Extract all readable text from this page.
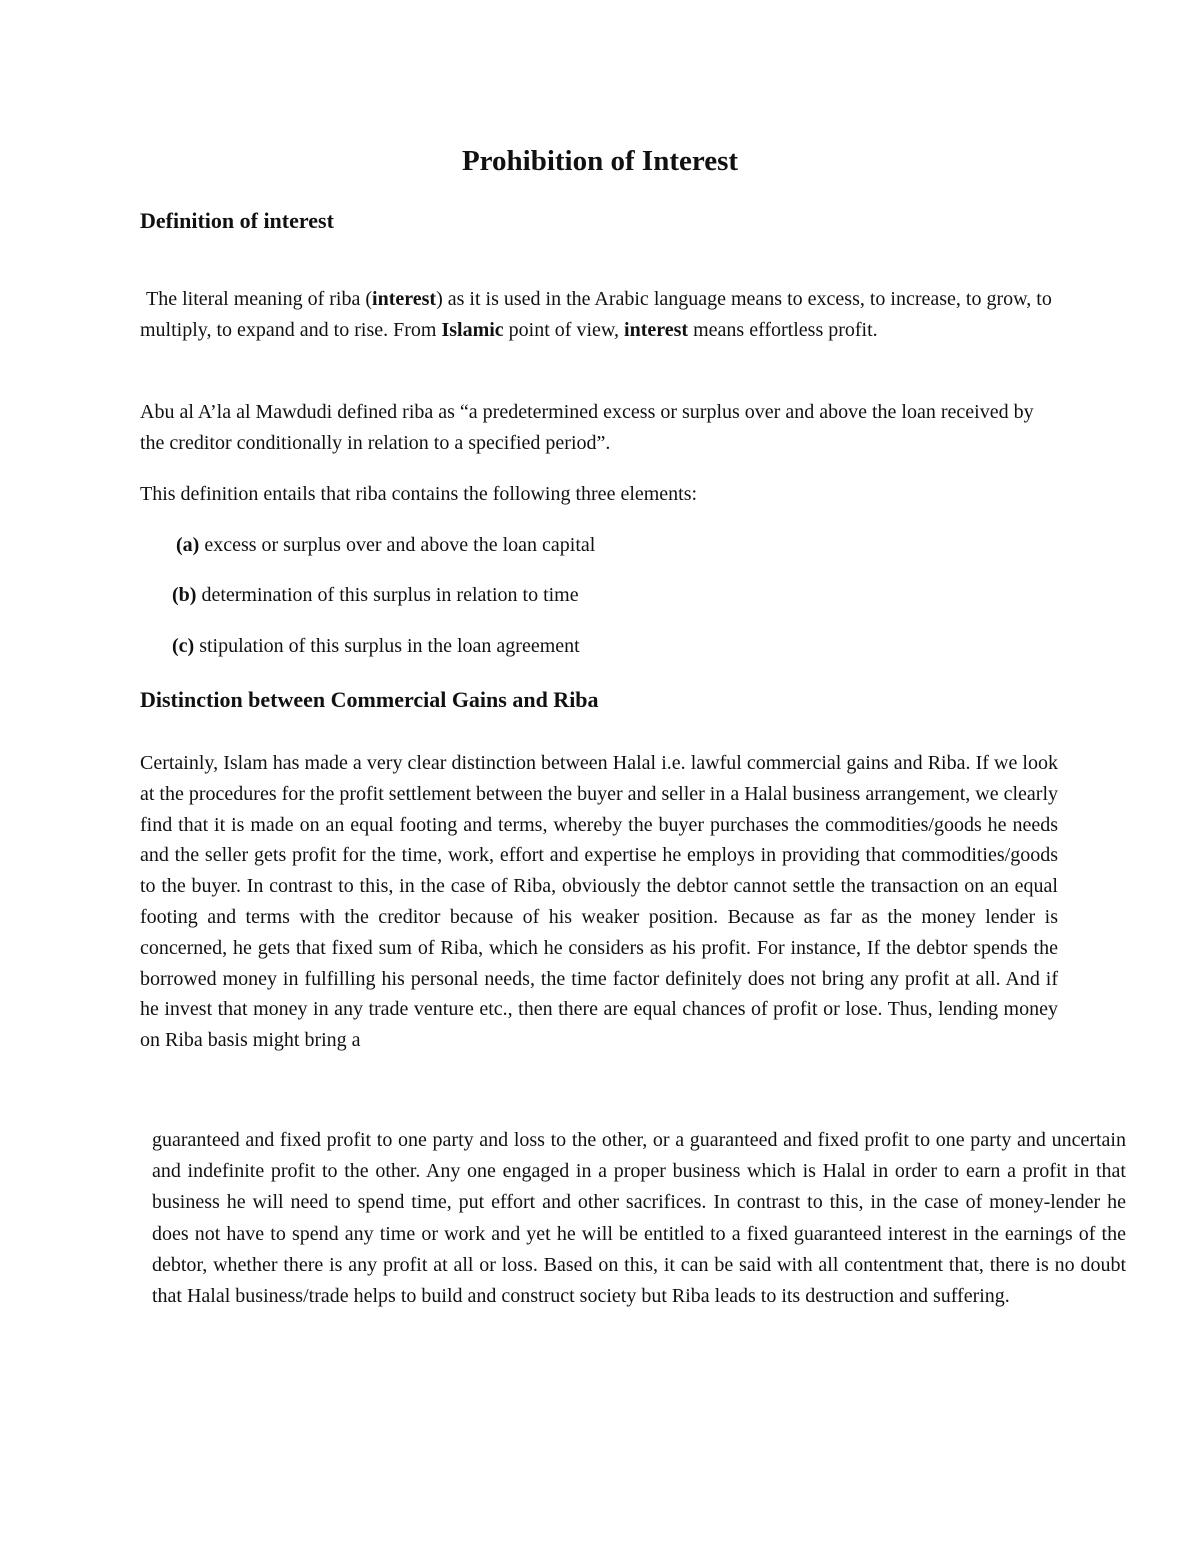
Prohibition of Interest
Definition of interest

The literal meaning of riba (interest) as it is used in the Arabic language means to excess, to increase, to grow, to multiply, to expand and to rise. From Islamic point of view, interest means effortless profit.

Abu al A’la al Mawdudi defined riba as “a predetermined excess or surplus over and above the loan received by the creditor conditionally in relation to a specified period”.

This definition entails that riba contains the following three elements:

(a) excess or surplus over and above the loan capital

(b) determination of this surplus in relation to time

(c) stipulation of this surplus in the loan agreement

Distinction between Commercial Gains and Riba

Certainly, Islam has made a very clear distinction between Halal i.e. lawful commercial gains and Riba. If we look at the procedures for the profit settlement between the buyer and seller in a Halal business arrangement, we clearly find that it is made on an equal footing and terms, whereby the buyer purchases the commodities/goods he needs and the seller gets profit for the time, work, effort and expertise he employs in providing that commodities/goods to the buyer. In contrast to this, in the case of Riba, obviously the debtor cannot settle the transaction on an equal footing and terms with the creditor because of his weaker position. Because as far as the money lender is concerned, he gets that fixed sum of Riba, which he considers as his profit. For instance, If the debtor spends the borrowed money in fulfilling his personal needs, the time factor definitely does not bring any profit at all. And if he invest that money in any trade venture etc., then there are equal chances of profit or lose. Thus, lending money on Riba basis might bring a

guaranteed and fixed profit to one party and loss to the other, or a guaranteed and fixed profit to one party and uncertain and indefinite profit to the other. Any one engaged in a proper business which is Halal in order to earn a profit in that business he will need to spend time, put effort and other sacrifices. In contrast to this, in the case of money-lender he does not have to spend any time or work and yet he will be entitled to a fixed guaranteed interest in the earnings of the debtor, whether there is any profit at all or loss. Based on this, it can be said with all contentment that, there is no doubt that Halal business/trade helps to build and construct society but Riba leads to its destruction and suffering.
